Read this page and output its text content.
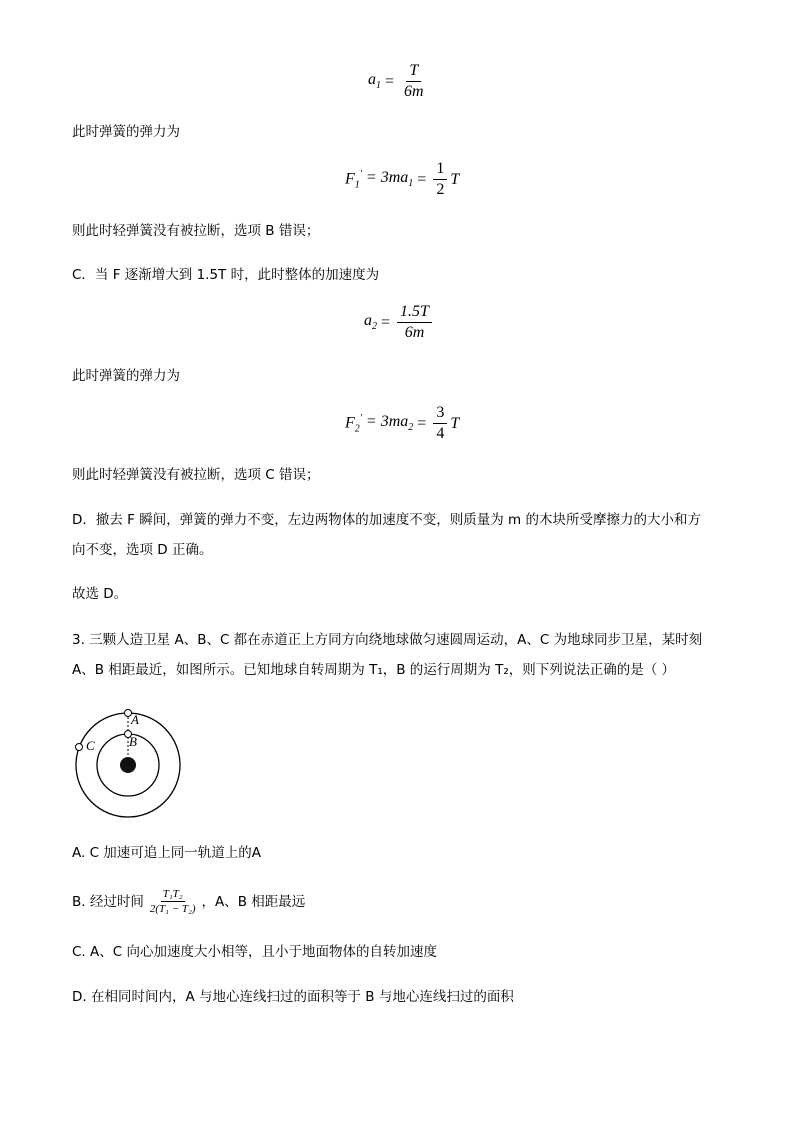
$a_1 = \frac{T}{6m}$
此时弹簧的弹力为
$F_1' = 3ma_1 = \frac{1}{2}$ T
则此时轻弹簧没有被拉断，选项 B 错误；
C．当 F 逐渐增大到 1.5T 时，此时整体的加速度为
$a_2 = \frac{1.5T}{6m}$
此时弹簧的弹力为
$F_2' = 3ma_2 = \frac{3}{4}$ T
则此时轻弹簧没有被拉断，选项 C 错误；
D．撤去 F 瞬间，弹簧的弹力不变，左边两物体的加速度不变，则质量为 m 的木块所受摩擦力的大小和方
向不变，选项 D 正确。
故选 D。
3. 三颗人造卫星 A、B、C 都在赤道正上方同方向绕地球做匀速圆周运动，A、C 为地球同步卫星，某时刻
A、B 相距最近，如图所示。已知地球自转周期为 T₁，B 的运行周期为 T₂，则下列说法正确的是（ ）
A
B
C
A. C 加速可追上同一轨道上的A
B. 经过时间 $\frac{\text{T₁T₂}}{\text{2(T₁ − T₂)}}$ ，A、B 相距最远
C. A、C 向心加速度大小相等，且小于地面物体的自转加速度
D. 在相同时间内，A 与地心连线扫过的面积等于 B 与地心连线扫过的面积
